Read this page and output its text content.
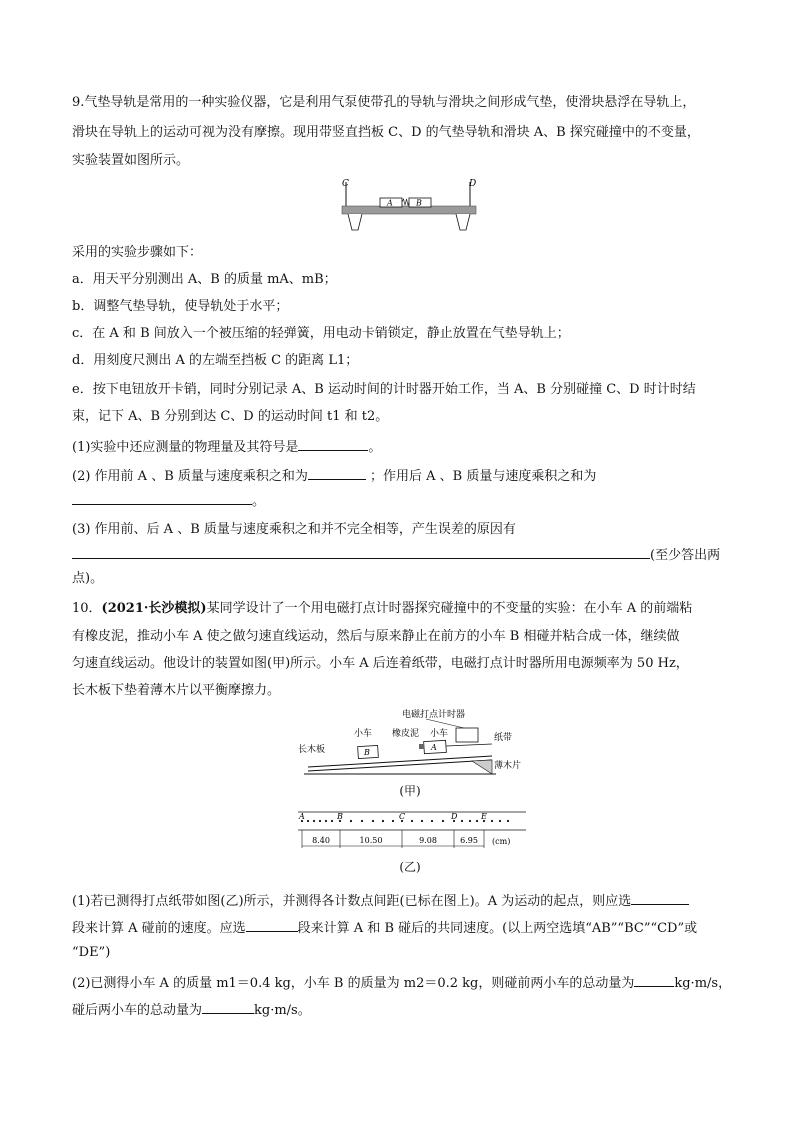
9.气垫导轨是常用的一种实验仪器，它是利用气泵使带孔的导轨与滑块之间形成气垫，使滑块悬浮在导轨上，
滑块在导轨上的运动可视为没有摩擦。现用带竖直挡板 C、D 的气垫导轨和滑块 A、B 探究碰撞中的不变量，
实验装置如图所示。
C	D
A	B
采用的实验步骤如下：
a．用天平分别测出 A、B 的质量 mA、mB；
b．调整气垫导轨，使导轨处于水平；
c．在 A 和 B 间放入一个被压缩的轻弹簧，用电动卡销锁定，静止放置在气垫导轨上；
d．用刻度尺测出 A 的左端至挡板 C 的距离 L1；
e．按下电钮放开卡销，同时分别记录 A、B 运动时间的计时器开始工作，当 A、B 分别碰撞 C、D 时计时结
束，记下 A、B 分别到达 C、D 的运动时间 t1 和 t2。
(1)实验中还应测量的物理量及其符号是	。
(2) 作用前 A 、B 质量与速度乘积之和为	；作用后 A 、B 质量与速度乘积之和为
。
(3) 作用前、后 A 、B 质量与速度乘积之和并不完全相等，产生误差的原因有
(至少答出两
点)。
10．(2021·长沙模拟)某同学设计了一个用电磁打点计时器探究碰撞中的不变量的实验：在小车 A 的前端粘
有橡皮泥，推动小车 A 使之做匀速直线运动，然后与原来静止在前方的小车 B 相碰并粘合成一体，继续做
匀速直线运动。他设计的装置如图(甲)所示。小车 A 后连着纸带，电磁打点计时器所用电源频率为 50 Hz，
长木板下垫着薄木片以平衡摩擦力。
电磁打点计时器
小车 橡皮泥 小车	纸带
长木板
薄木片
B
A
(甲)
A	B	C	D	E
8.40	10.50	9.08	6.95 (cm)
(乙)
(1)若已测得打点纸带如图(乙)所示，并测得各计数点间距(已标在图上)。A 为运动的起点，则应选
段来计算 A 碰前的速度。应选	段来计算 A 和 B 碰后的共同速度。(以上两空选填“AB”“BC”“CD”或
“DE”)
(2)已测得小车 A 的质量 m1＝0.4 kg，小车 B 的质量为 m2＝0.2 kg，则碰前两小车的总动量为	kg·m/s，
碰后两小车的总动量为	kg·m/s。
